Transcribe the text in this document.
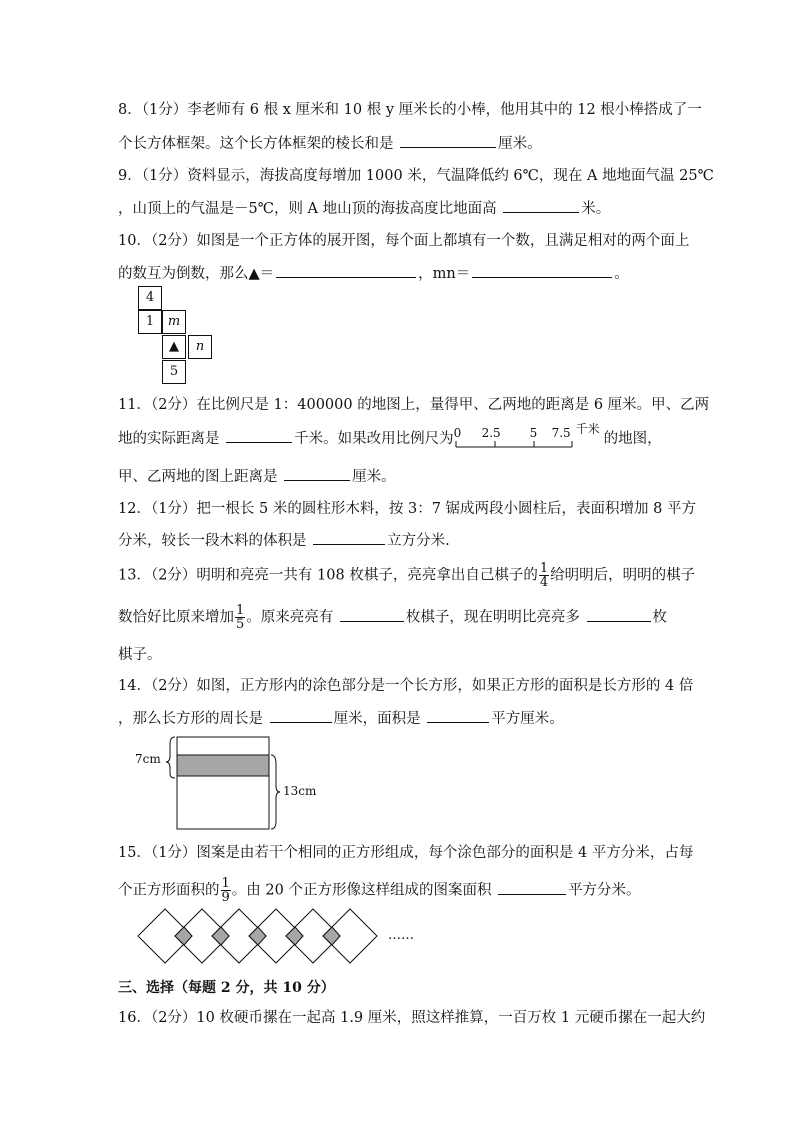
8．（1分）李老师有 6 根 x 厘米和 10 根 y 厘米长的小棒，他用其中的 12 根小棒搭成了一
个长方体框架。这个长方体框架的棱长和是	厘米。
9．（1分）资料显示，海拔高度每增加 1000 米，气温降低约 6℃，现在 A 地地面气温 25℃
，山顶上的气温是－5℃，则 A 地山顶的海拔高度比地面高	米。
10．（2分）如图是一个正方体的展开图，每个面上都填有一个数，且满足相对的两个面上
的数互为倒数，那么▲＝	，mn＝	。
4
1	m
▲	n
5
11．（2分）在比例尺是 1：400000 的地图上，量得甲、乙两地的距离是 6 厘米。甲、乙两
地的实际距离是	千米。如果改用比例尺为 0 2.5 5 7.5 千米
的地图，
甲、乙两地的图上距离是	厘米。
12．（1分）把一根长 5 米的圆柱形木料，按 3：7 锯成两段小圆柱后，表面积增加 8 平方
分米，较长一段木料的体积是	立方分米.
13．（2分）明明和亮亮一共有 108 枚棋子，亮亮拿出自己棋子的 $\frac{1}{4}$ 给明明后，明明的棋子
数恰好比原来增加 $\frac{1}{5}$ 。原来亮亮有	枚棋子，现在明明比亮亮多	枚
棋子。
14．（2分）如图，正方形内的涂色部分是一个长方形，如果正方形的面积是长方形的 4 倍
，那么长方形的周长是	厘米，面积是	平方厘米。
7cm
13cm
15．（1分）图案是由若干个相同的正方形组成，每个涂色部分的面积是 4 平方分米，占每
个正方形面积的 $\frac{1}{9}$ 。由 20 个正方形像这样组成的图案面积	平方分米。
……
三、选择（每题 2 分，共 10 分）
16．（2分）10 枚硬币摞在一起高 1.9 厘米，照这样推算，一百万枚 1 元硬币摞在一起大约
